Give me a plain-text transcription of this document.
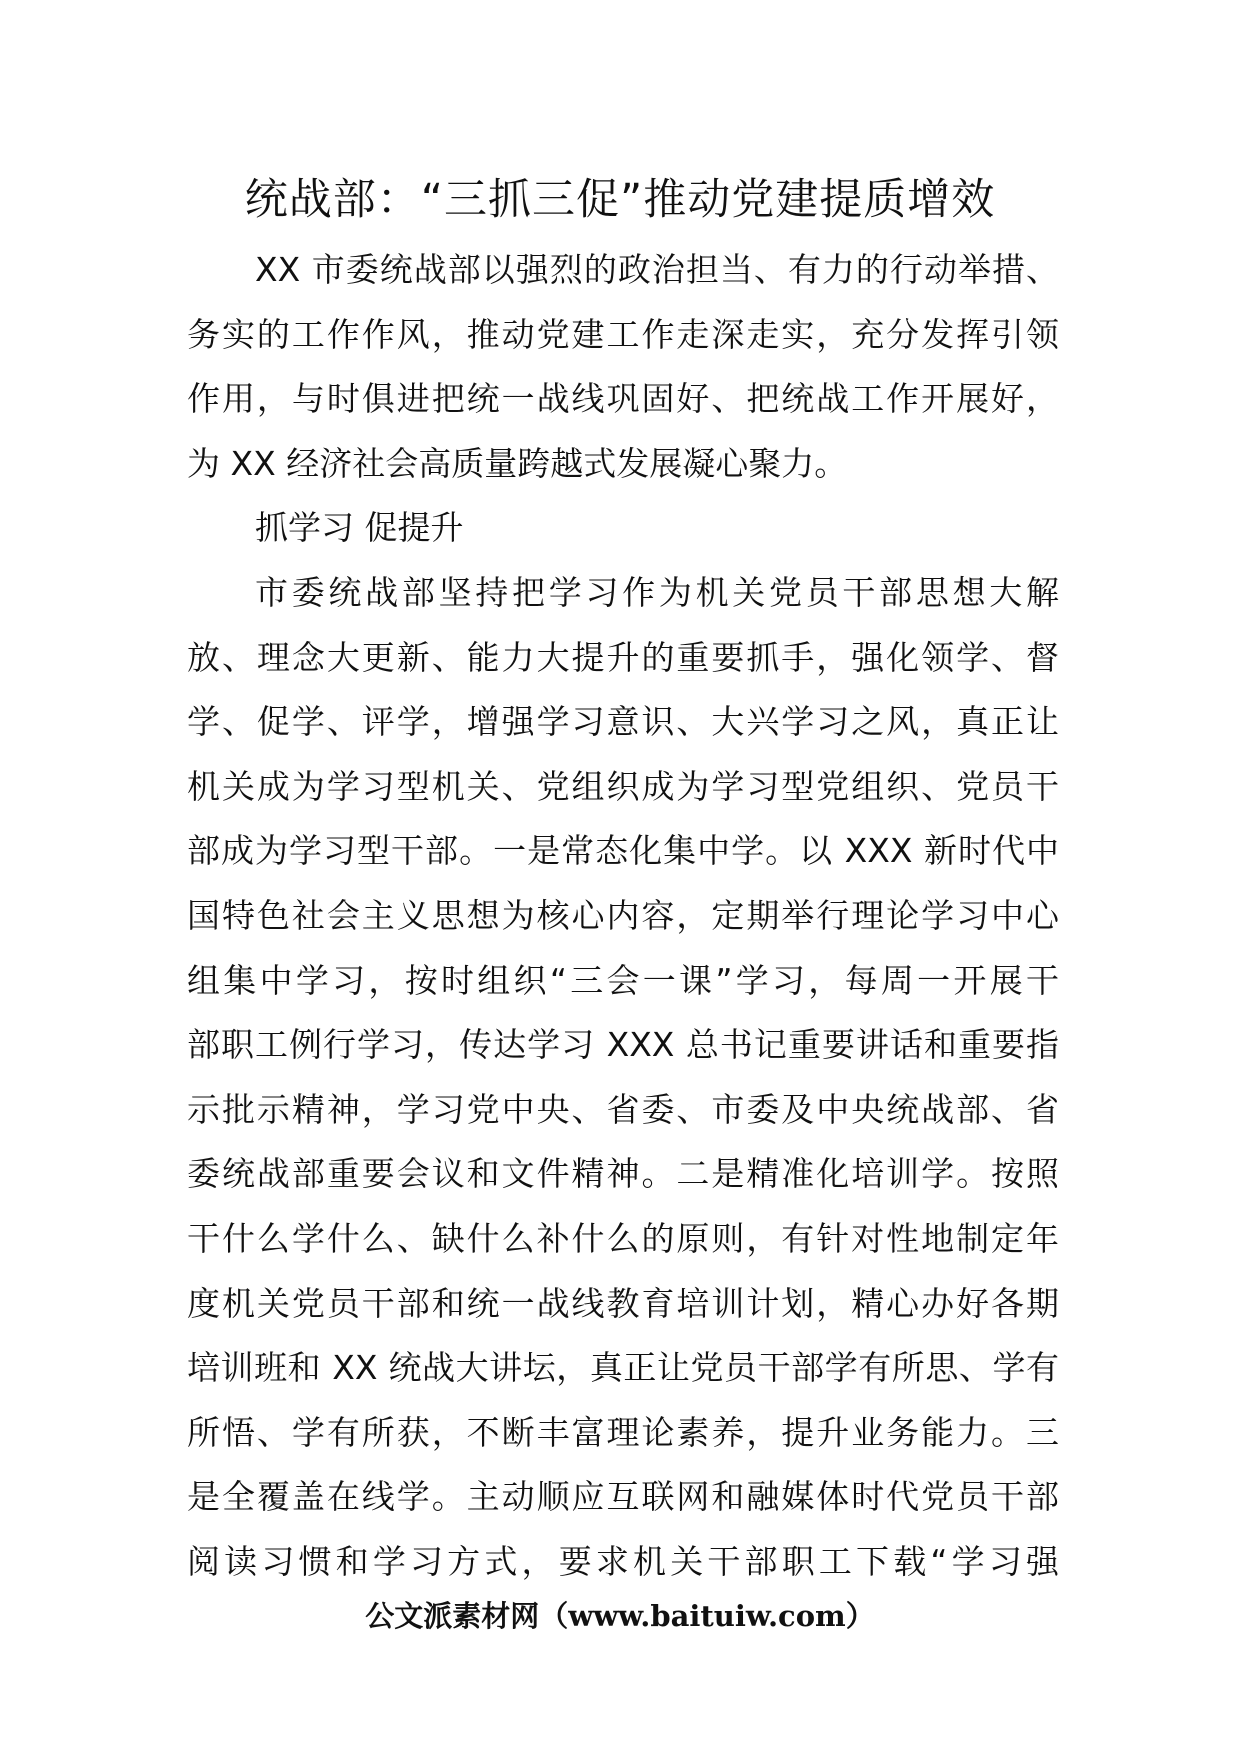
统战部：“三抓三促”推动党建提质增效
XX 市委统战部以强烈的政治担当、有力的行动举措、
务实的工作作风，推动党建工作走深走实，充分发挥引领
作用，与时俱进把统一战线巩固好、把统战工作开展好，
为 XX 经济社会高质量跨越式发展凝心聚力。
抓学习 促提升
市委统战部坚持把学习作为机关党员干部思想大解
放、理念大更新、能力大提升的重要抓手，强化领学、督
学、促学、评学，增强学习意识、大兴学习之风，真正让
机关成为学习型机关、党组织成为学习型党组织、党员干
部成为学习型干部。一是常态化集中学。以 XXX 新时代中
国特色社会主义思想为核心内容，定期举行理论学习中心
组集中学习，按时组织“三会一课”学习，每周一开展干
部职工例行学习，传达学习 XXX 总书记重要讲话和重要指
示批示精神，学习党中央、省委、市委及中央统战部、省
委统战部重要会议和文件精神。二是精准化培训学。按照
干什么学什么、缺什么补什么的原则，有针对性地制定年
度机关党员干部和统一战线教育培训计划，精心办好各期
培训班和 XX 统战大讲坛，真正让党员干部学有所思、学有
所悟、学有所获，不断丰富理论素养，提升业务能力。三
是全覆盖在线学。主动顺应互联网和融媒体时代党员干部
阅读习惯和学习方式，要求机关干部职工下载“学习强
公文派素材网（www.baituiw.com）
